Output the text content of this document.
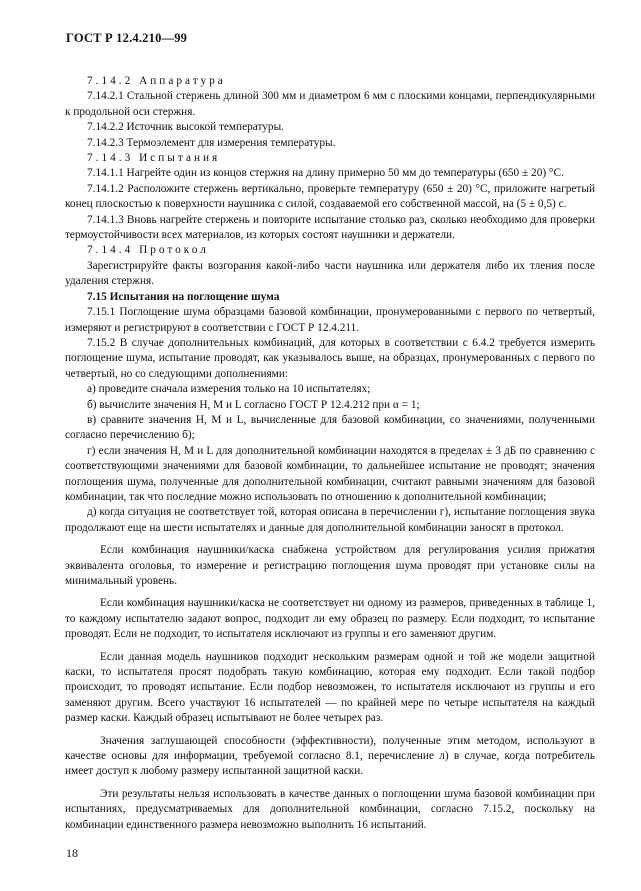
ГОСТ Р 12.4.210—99

7.14.2 Аппаратура

7.14.2.1 Стальной стержень длиной 300 мм и диаметром 6 мм с плоскими концами, перпендикулярными к продольной оси стержня.

7.14.2.2 Источник высокой температуры.

7.14.2.3 Термоэлемент для измерения температуры.

7.14.3 Испытания

7.14.1.1 Нагрейте один из концов стержня на длину примерно 50 мм до температуры (650 ± 20) °С.

7.14.1.2 Расположите стержень вертикально, проверьте температуру (650 ± 20) °С, приложите нагретый конец плоскостью к поверхности наушника с силой, создаваемой его собственной массой, на (5 ± 0,5) с.

7.14.1.3 Вновь нагрейте стержень и повторите испытание столько раз, сколько необходимо для проверки термоустойчивости всех материалов, из которых состоят наушники и держатели.

7.14.4 Протокол

Зарегистрируйте факты возгорания какой-либо части наушника или держателя либо их тления после удаления стержня.

7.15 Испытания на поглощение шума

7.15.1 Поглощение шума образцами базовой комбинации, пронумерованными с первого по четвертый, измеряют и регистрируют в соответствии с ГОСТ Р 12.4.211.

7.15.2 В случае дополнительных комбинаций, для которых в соответствии с 6.4.2 требуется измерить поглощение шума, испытание проводят, как указывалось выше, на образцах, пронумерованных с первого по четвертый, но со следующими дополнениями:

а) проведите сначала измерения только на 10 испытателях;

б) вычислите значения H, M и L согласно ГОСТ Р 12.4.212 при α = 1;

в) сравните значения H, M и L, вычисленные для базовой комбинации, со значениями, полученными согласно перечислению б);

г) если значения H, M и L для дополнительной комбинации находятся в пределах ± 3 дБ по сравнению с соответствующими значениями для базовой комбинации, то дальнейшее испытание не проводят; значения поглощения шума, полученные для дополнительной комбинации, считают равными значениям для базовой комбинации, так что последние можно использовать по отношению к дополнительной комбинации;

д) когда ситуация не соответствует той, которая описана в перечислении г), испытание поглощения звука продолжают еще на шести испытателях и данные для дополнительной комбинации заносят в протокол.

Если комбинация наушники/каска снабжена устройством для регулирования усилия прижатия эквивалента оголовья, то измерение и регистрацию поглощения шума проводят при установке силы на минимальный уровень.

Если комбинация наушники/каска не соответствует ни одному из размеров, приведенных в таблице 1, то каждому испытателю задают вопрос, подходит ли ему образец по размеру. Если подходит, то испытание проводят. Если не подходит, то испытателя исключают из группы и его заменяют другим.

Если данная модель наушников подходит нескольким размерам одной и той же модели защитной каски, то испытателя просят подобрать такую комбинацию, которая ему подходит. Если такой подбор происходит, то проводят испытание. Если подбор невозможен, то испытателя исключают из группы и его заменяют другим. Всего участвуют 16 испытателей — по крайней мере по четыре испытателя на каждый размер каски. Каждый образец испытывают не более четырех раз.

Значения заглушающей способности (эффективности), полученные этим методом, используют в качестве основы для информации, требуемой согласно 8.1, перечисление л) в случае, когда потребитель имеет доступ к любому размеру испытанной защитной каски.

Эти результаты нельзя использовать в качестве данных о поглощении шума базовой комбинации при испытаниях, предусматриваемых для дополнительной комбинации, согласно 7.15.2, поскольку на комбинации единственного размера невозможно выполнить 16 испытаний.

18
